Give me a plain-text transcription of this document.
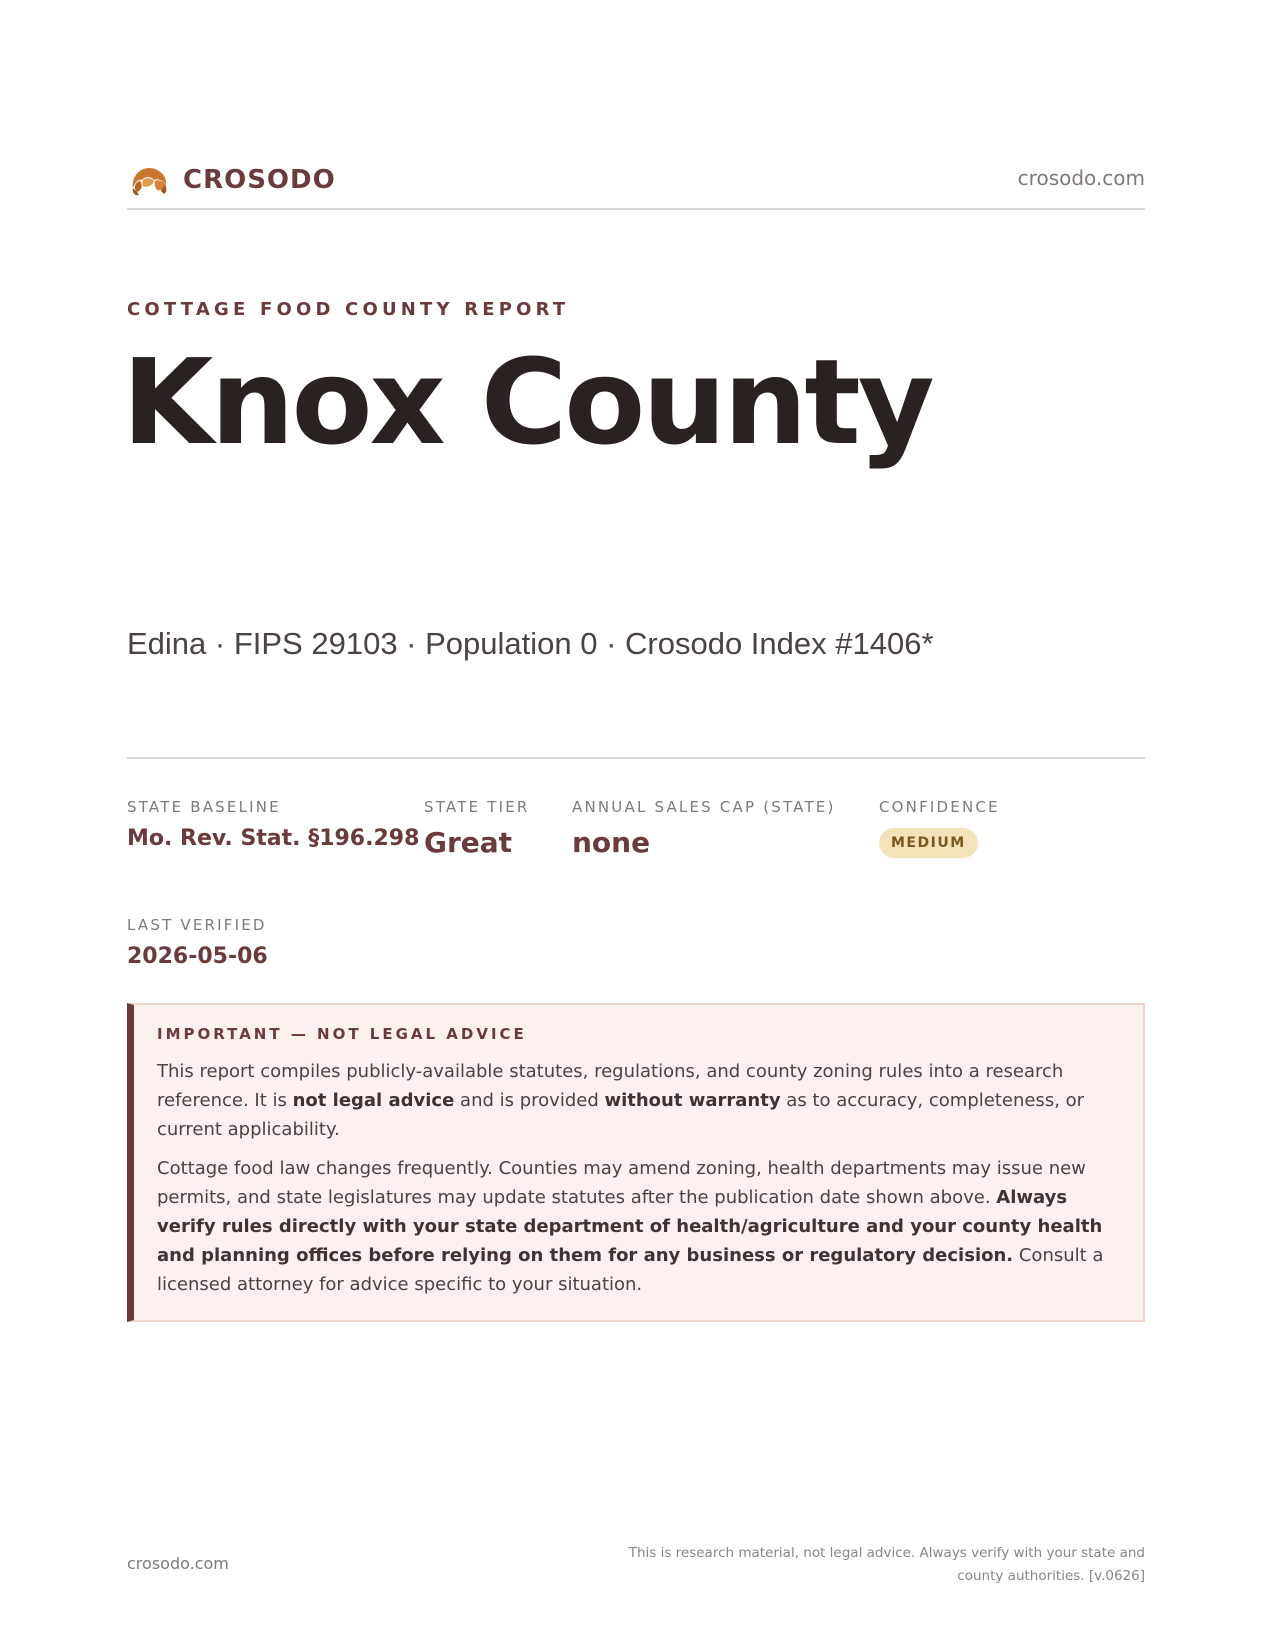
CROSODO	crosodo.com
COTTAGE FOOD COUNTY REPORT
Knox County
Edina · FIPS 29103 · Population 0 · Crosodo Index #1406*
STATE BASELINE
Mo. Rev. Stat. §196.298
STATE TIER
Great
ANNUAL SALES CAP (STATE)
none
CONFIDENCE
MEDIUM
LAST VERIFIED
2026-05-06
IMPORTANT — NOT LEGAL ADVICE

This report compiles publicly-available statutes, regulations, and county zoning rules into a research reference. It is not legal advice and is provided without warranty as to accuracy, completeness, or current applicability.

Cottage food law changes frequently. Counties may amend zoning, health departments may issue new permits, and state legislatures may update statutes after the publication date shown above. Always verify rules directly with your state department of health/agriculture and your county health and planning offices before relying on them for any business or regulatory decision. Consult a licensed attorney for advice specific to your situation.

crosodo.com
This is research material, not legal advice. Always verify with your state and county authorities. [v.0626]
